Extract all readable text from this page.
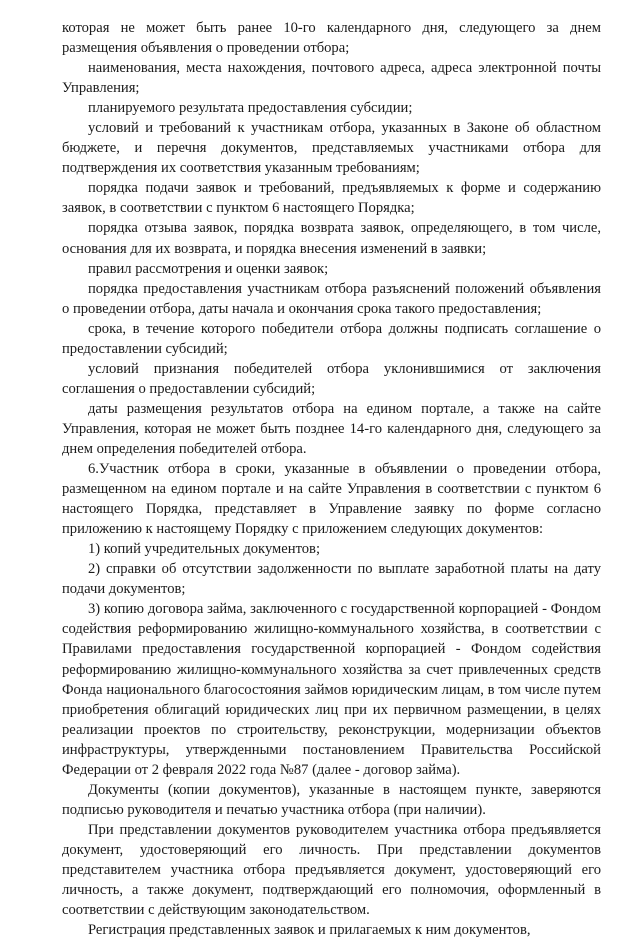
которая не может быть ранее 10-го календарного дня, следующего за днем размещения объявления о проведении отбора;

наименования, места нахождения, почтового адреса, адреса электронной почты Управления;

планируемого результата предоставления субсидии;

условий и требований к участникам отбора, указанных в Законе об областном бюджете, и перечня документов, представляемых участниками отбора для подтверждения их соответствия указанным требованиям;

порядка подачи заявок и требований, предъявляемых к форме и содержанию заявок, в соответствии с пунктом 6 настоящего Порядка;

порядка отзыва заявок, порядка возврата заявок, определяющего, в том числе, основания для их возврата, и порядка внесения изменений в заявки;

правил рассмотрения и оценки заявок;

порядка предоставления участникам отбора разъяснений положений объявления о проведении отбора, даты начала и окончания срока такого предоставления;

срока, в течение которого победители отбора должны подписать соглашение о предоставлении субсидий;

условий признания победителей отбора уклонившимися от заключения соглашения о предоставлении субсидий;

даты размещения результатов отбора на едином портале, а также на сайте Управления, которая не может быть позднее 14-го календарного дня, следующего за днем определения победителей отбора.

6.Участник отбора в сроки, указанные в объявлении о проведении отбора, размещенном на едином портале и на сайте Управления в соответствии с пунктом 6 настоящего Порядка, представляет в Управление заявку по форме согласно приложению к настоящему Порядку с приложением следующих документов:

1) копий учредительных документов;

2) справки об отсутствии задолженности по выплате заработной платы на дату подачи документов;

3) копию договора займа, заключенного с государственной корпорацией - Фондом содействия реформированию жилищно-коммунального хозяйства, в соответствии с Правилами предоставления государственной корпорацией - Фондом содействия реформированию жилищно-коммунального хозяйства за счет привлеченных средств Фонда национального благосостояния займов юридическим лицам, в том числе путем приобретения облигаций юридических лиц при их первичном размещении, в целях реализации проектов по строительству, реконструкции, модернизации объектов инфраструктуры, утвержденными постановлением Правительства Российской Федерации от 2 февраля 2022 года №87 (далее - договор займа).

Документы (копии документов), указанные в настоящем пункте, заверяются подписью руководителя и печатью участника отбора (при наличии).

При представлении документов руководителем участника отбора предъявляется документ, удостоверяющий его личность. При представлении документов представителем участника отбора предъявляется документ, удостоверяющий его личность, а также документ, подтверждающий его полномочия, оформленный в соответствии с действующим законодательством.

Регистрация представленных заявок и прилагаемых к ним документов,
